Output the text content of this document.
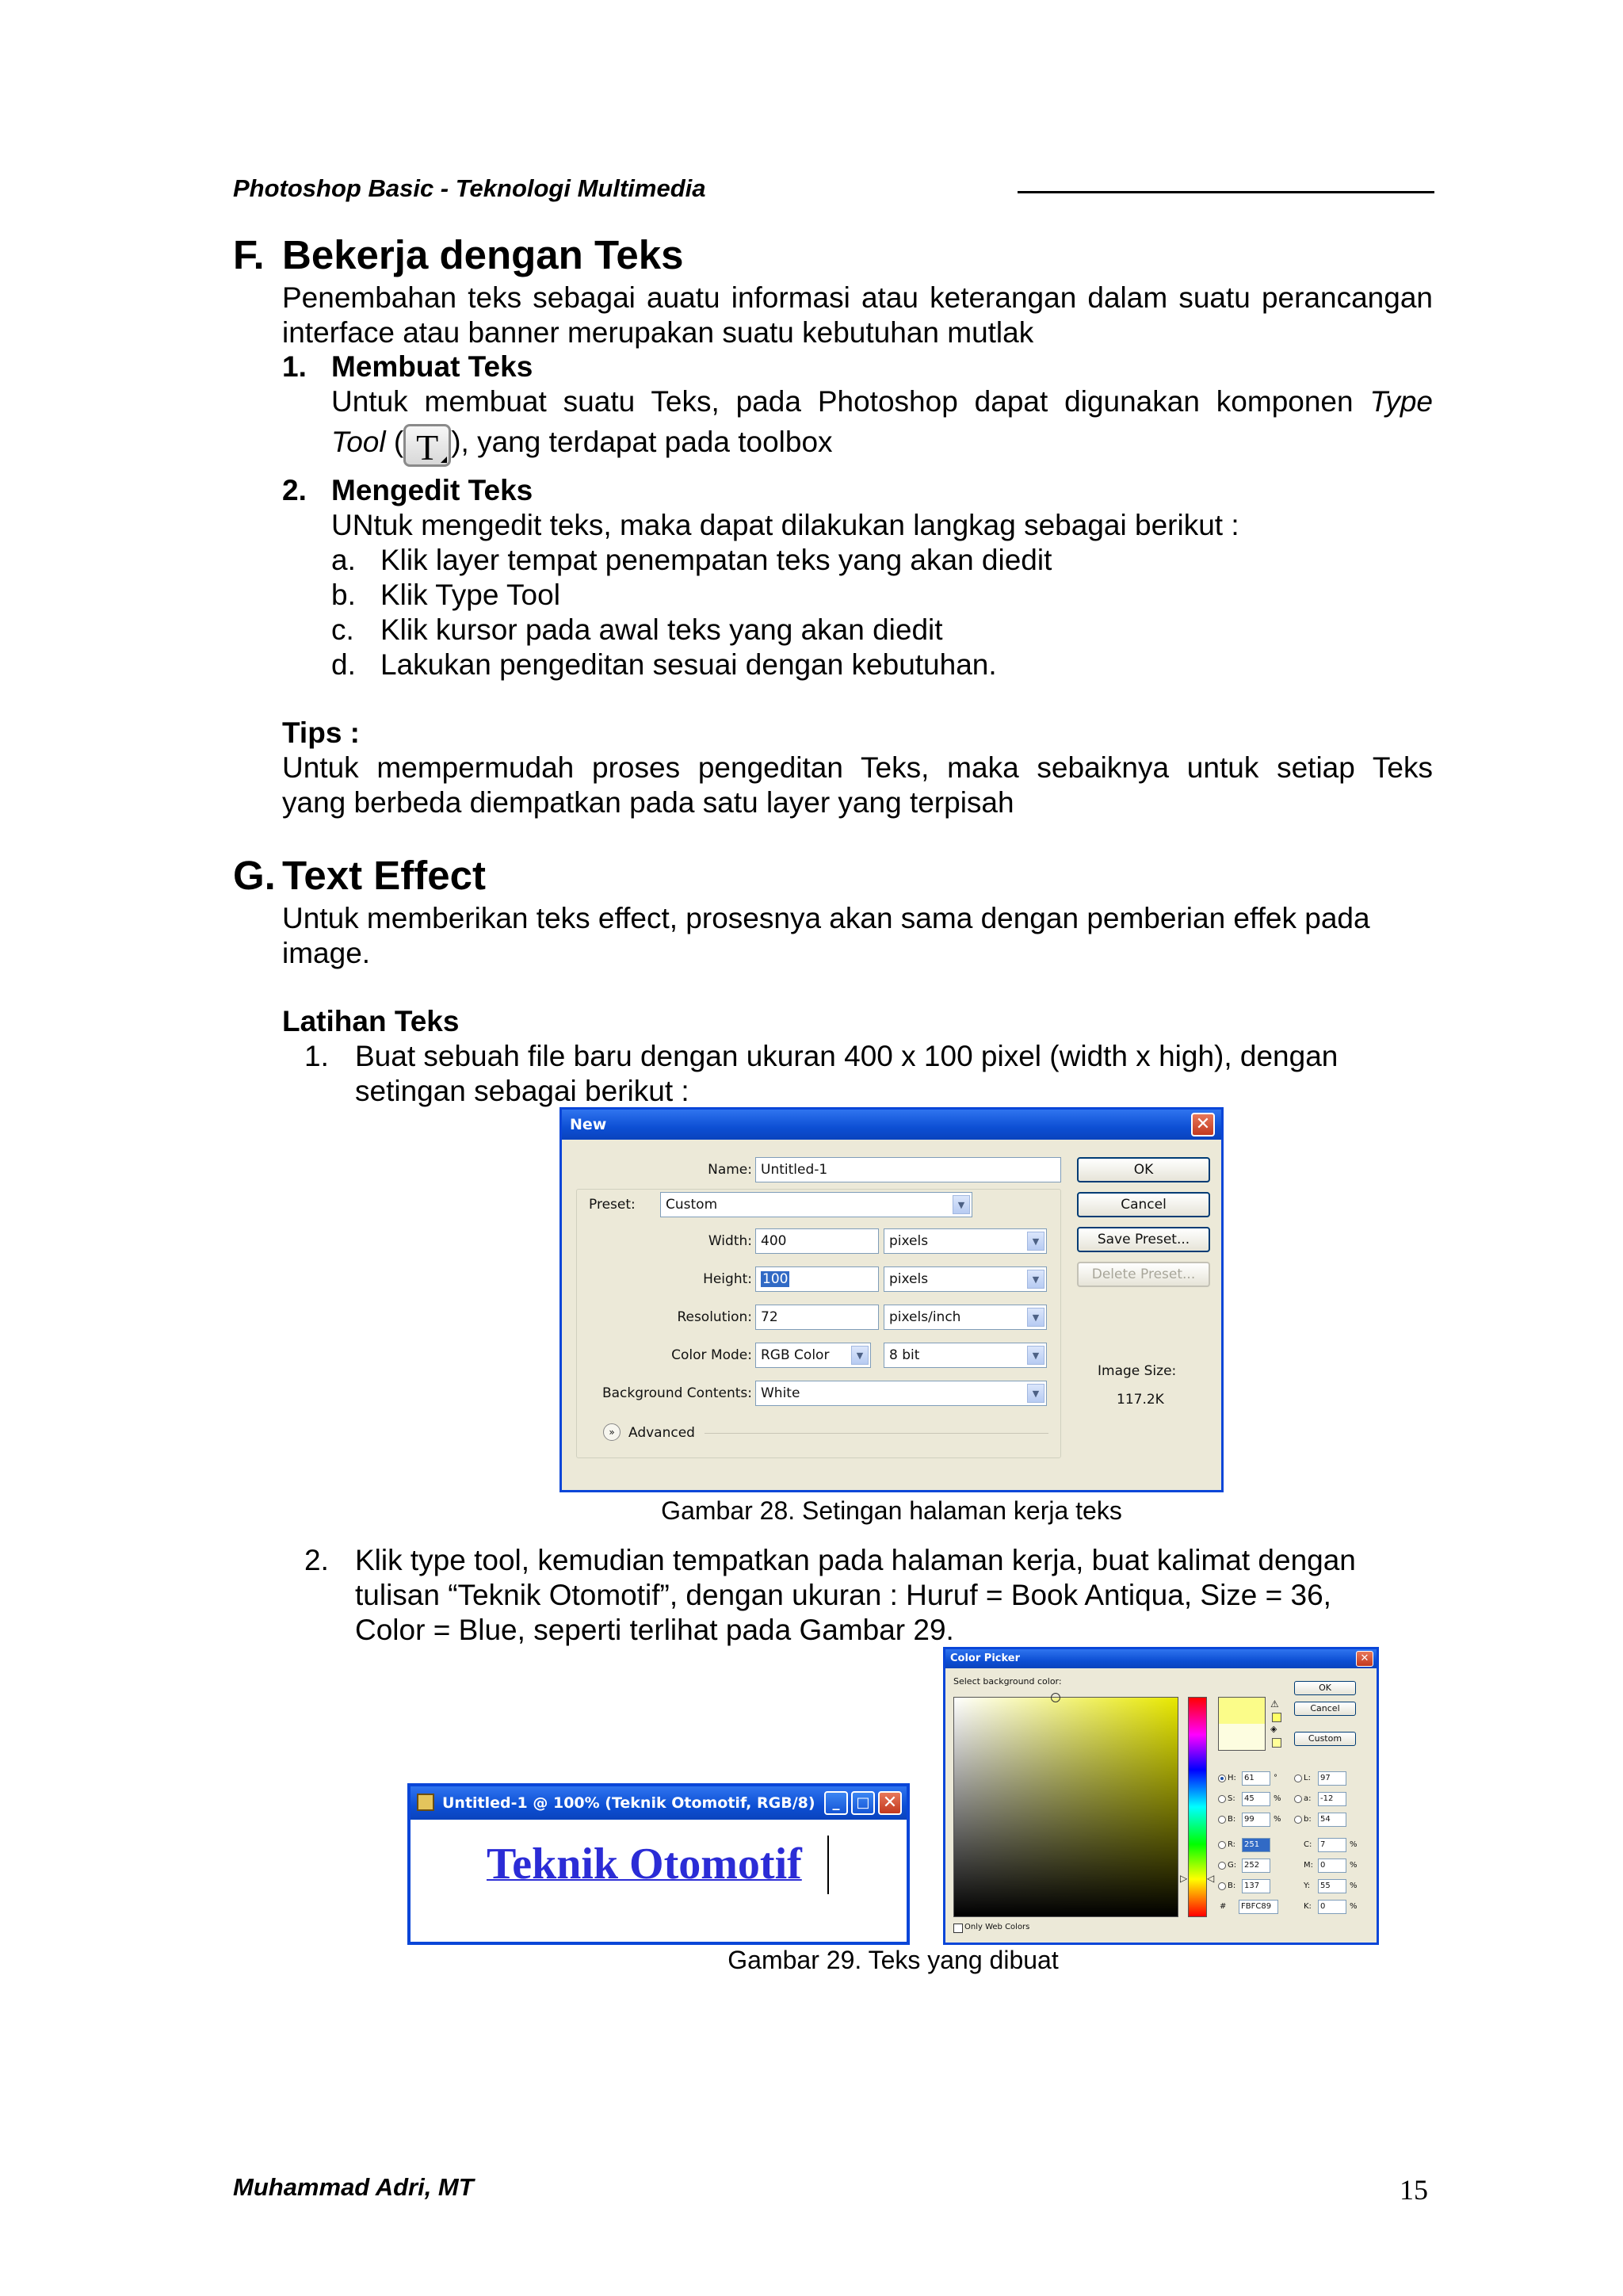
Photoshop Basic - Teknologi Multimedia
F. Bekerja dengan Teks
Penembahan teks sebagai auatu informasi atau keterangan dalam suatu perancangan
interface atau banner merupakan suatu kebutuhan mutlak
1. Membuat Teks
Untuk membuat suatu Teks, pada Photoshop dapat digunakan komponen Type
Tool ( T ), yang terdapat pada toolbox
2. Mengedit Teks
UNtuk mengedit teks, maka dapat dilakukan langkag sebagai berikut :
a. Klik layer tempat penempatan teks yang akan diedit
b. Klik Type Tool
c. Klik kursor pada awal teks yang akan diedit
d. Lakukan pengeditan sesuai dengan kebutuhan.
Tips :
Untuk mempermudah proses pengeditan Teks, maka sebaiknya untuk setiap Teks
yang berbeda diempatkan pada satu layer yang terpisah
G. Text Effect
Untuk memberikan teks effect, prosesnya akan sama dengan pemberian effek pada
image.
Latihan Teks
1. Buat sebuah file baru dengan ukuran 400 x 100 pixel (width x high), dengan
setingan sebagai berikut :
New	✕
Name: Untitled-1
Preset:	Custom ▼
Width: 400	pixels ▼
Height: 100	pixels ▼
Resolution: 72	pixels/inch ▼
Color Mode: RGB Color ▼	8 bit ▼
Background Contents: White ▼
»	Advanced
OK
Cancel
Save Preset...
Delete Preset...
Image Size:
117.2K
Gambar 28. Setingan halaman kerja teks
2. Klik type tool, kemudian tempatkan pada halaman kerja, buat kalimat dengan
tulisan “Teknik Otomotif”, dengan ukuran : Huruf = Book Antiqua, Size = 36,
Color = Blue, seperti terlihat pada Gambar 29.
Untitled-1 @ 100% (Teknik Otomotif, RGB/8)	_	□ ✕
Teknik Otomotif
Color Picker	✕
Select background color:
▷ ◁
⚠
◈
OK
Cancel
Custom
H:	61	°
S:	45	%
B:	99	%
R:	251
G: 252
B:	137
L:	97
a:	-12
b:	54
C:	7	%
M: 0	%
Y:	55	%
K:	0	%
#	FBFC89
Only Web Colors
Gambar 29. Teks yang dibuat
Muhammad Adri, MT	15
